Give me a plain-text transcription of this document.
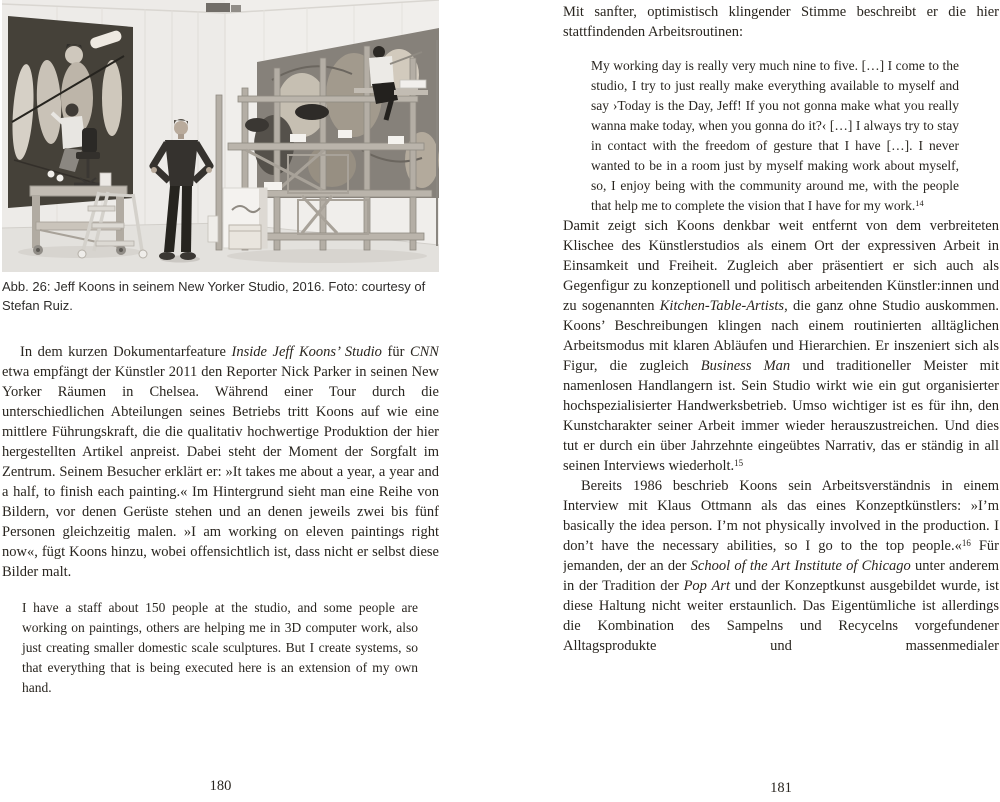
Abb. 26: Jeff Koons in seinem New Yorker Studio, 2016. Foto: courtesy of Stefan Ruiz.

In dem kurzen Dokumentarfeature Inside Jeff Koons’ Studio für CNN etwa empfängt der Künstler 2011 den Reporter Nick Parker in seinen New Yorker Räumen in Chelsea. Während einer Tour durch die unterschiedlichen Abteilungen seines Betriebs tritt Koons auf wie eine mittlere Führungskraft, die die qualitativ hochwertige Produktion der hier hergestellten Artikel anpreist. Dabei steht der Moment der Sorgfalt im Zentrum. Seinem Besucher erklärt er: »It takes me about a year, a year and a half, to finish each painting.« Im Hintergrund sieht man eine Reihe von Bildern, vor denen Gerüste stehen und an denen jeweils zwei bis fünf Personen gleichzeitig malen. »I am working on eleven paintings right now«, fügt Koons hinzu, wobei offensichtlich ist, dass nicht er selbst diese Bilder malt.

I have a staff about 150 people at the studio, and some people are working on paintings, others are helping me in 3D computer work, also just creating smaller domestic scale sculptures. But I create systems, so that everything that is being executed here is an extension of my own hand.
180

Mit sanfter, optimistisch klingender Stimme beschreibt er die hier stattfindenden Arbeitsroutinen:

My working day is really very much nine to five. […] I come to the studio, I try to just really make everything available to myself and say ›Today is the Day, Jeff! If you not gonna make what you really wanna make today, when you gonna do it?‹ […] I always try to stay in contact with the freedom of gesture that I have […]. I never wanted to be in a room just by myself making work about myself, so, I enjoy being with the community around me, with the people that help me to complete the vision that I have for my work.$^{14}$

Damit zeigt sich Koons denkbar weit entfernt von dem verbreiteten Klischee des Künstlerstudios als einem Ort der expressiven Arbeit in Einsamkeit und Freiheit. Zugleich aber präsentiert er sich auch als Gegenfigur zu konzeptionell und politisch arbeitenden Künstler:innen und zu sogenannten Kitchen-Table-Artists, die ganz ohne Studio auskommen. Koons’ Beschreibungen klingen nach einem routinierten alltäglichen Arbeitsmodus mit klaren Abläufen und Hierarchien. Er inszeniert sich als Figur, die zugleich Business Man und traditioneller Meister mit namenlosen Handlangern ist. Sein Studio wirkt wie ein gut organisierter hochspezialisierter Handwerksbetrieb. Umso wichtiger ist es für ihn, den Kunstcharakter seiner Arbeit immer wieder herauszustreichen. Und dies tut er durch ein über Jahrzehnte eingeübtes Narrativ, das er ständig in all seinen Interviews wiederholt.$^{15}$

Bereits 1986 beschrieb Koons sein Arbeitsverständnis in einem Interview mit Klaus Ottmann als das eines Konzeptkünstlers: »I’m basically the idea person. I’m not physically involved in the production. I don’t have the necessary abilities, so I go to the top people.«$^{16}$ Für jemanden, der an der School of the Art Institute of Chicago unter anderem in der Tradition der Pop Art und der Konzeptkunst ausgebildet wurde, ist diese Haltung nicht weiter erstaunlich. Das Eigentümliche ist allerdings die Kombination des Sampelns und Recycelns vorgefundener Alltagsprodukte und massenmedialer

181
